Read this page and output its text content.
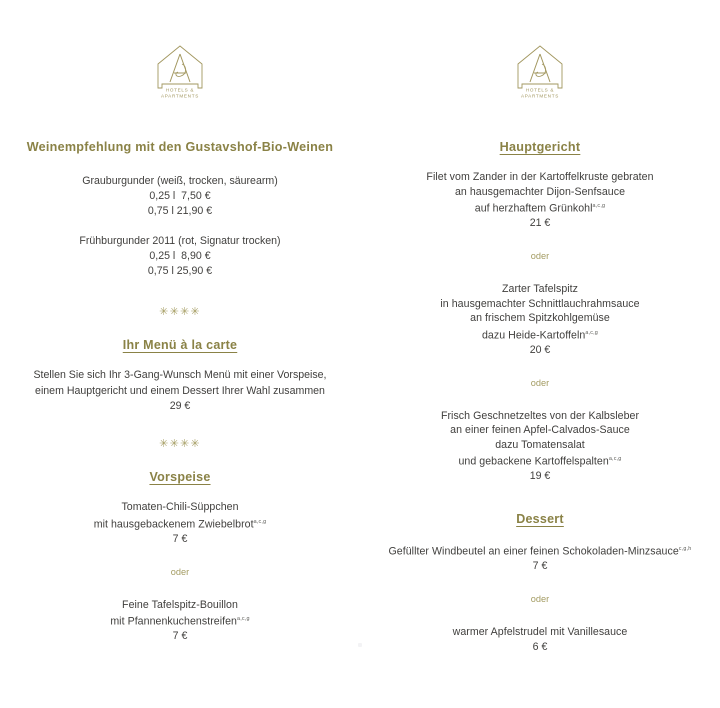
HOTELS &
APARTMENTS
Weinempfehlung mit den Gustavshof-Bio-Weinen
Grauburgunder (weiß, trocken, säurearm)
0,25 l  7,50 €
0,75 l 21,90 €
Frühburgunder 2011 (rot, Signatur trocken)
0,25 l  8,90 €
0,75 l 25,90 €
✳✳✳✳
Ihr Menü à la carte
Stellen Sie sich Ihr 3-Gang-Wunsch Menü mit einer Vorspeise,
einem Hauptgericht und einem Dessert Ihrer Wahl zusammen
29 €
✳✳✳✳
Vorspeise
Tomaten-Chili-Süppchen
mit hausgebackenem Zwiebelbrot$^{a,c,g}$
7 €
oder
Feine Tafelspitz-Bouillon
mit Pfannenkuchenstreifen$^{a,c,g}$
7 €
HOTELS &
APARTMENTS
Hauptgericht
Filet vom Zander in der Kartoffelkruste gebraten
an hausgemachter Dijon-Senfsauce
auf herzhaftem Grünkohl$^{a,c,g}$
21 €
oder
Zarter Tafelspitz
in hausgemachter Schnittlauchrahmsauce
an frischem Spitzkohlgemüse
dazu Heide-Kartoffeln$^{a,c,g}$
20 €
oder
Frisch Geschnetzeltes von der Kalbsleber
an einer feinen Apfel-Calvados-Sauce
dazu Tomatensalat
und gebackene Kartoffelspalten$^{a,c,g}$
19 €
Dessert
Gefüllter Windbeutel an einer feinen Schokoladen-Minzsauce$^{c,g,h}$
7 €
oder
warmer Apfelstrudel mit Vanillesauce
6 €
